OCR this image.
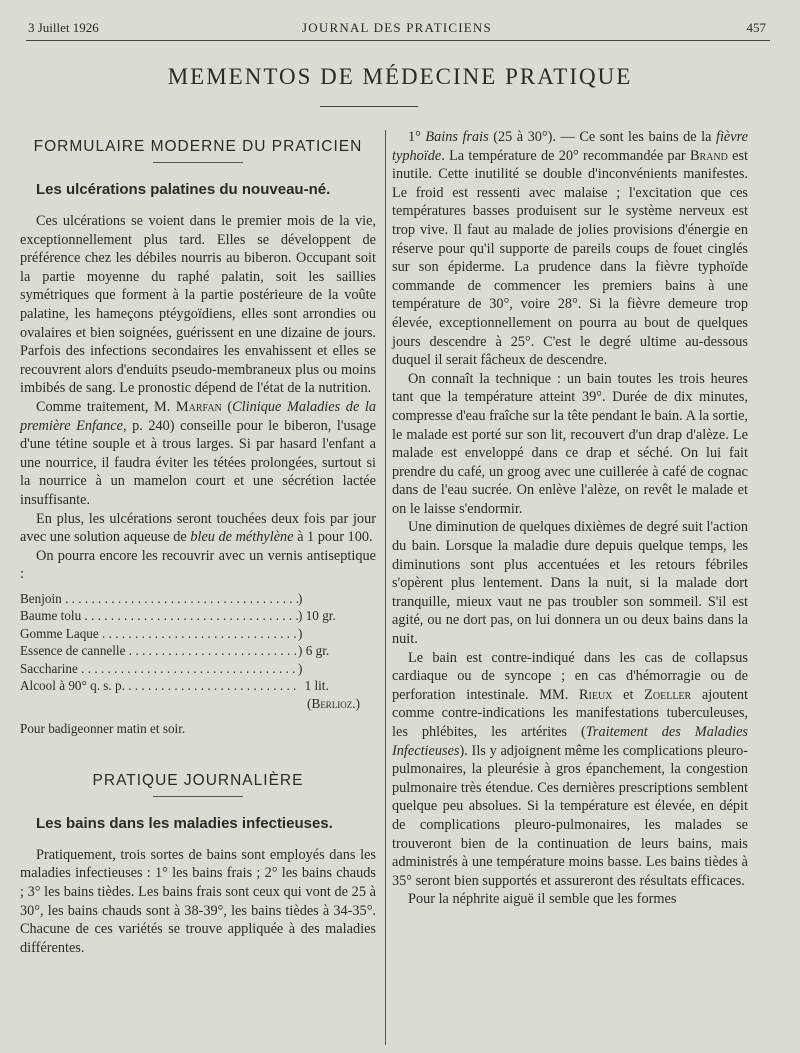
3 Juillet 1926	JOURNAL DES PRATICIENS	457
MEMENTOS DE MÉDECINE PRATIQUE
FORMULAIRE MODERNE DU PRATICIEN
Les ulcérations palatines du nouveau-né.

Ces ulcérations se voient dans le premier mois de la vie, exceptionnellement plus tard. Elles se développent de préférence chez les débiles nourris au biberon. Occupant soit la partie moyenne du raphé palatin, soit les saillies symétriques que forment à la partie postérieure de la voûte palatine, les hameçons ptéygoïdiens, elles sont arrondies ou ovalaires et bien soignées, guérissent en une dizaine de jours. Parfois des infections secondaires les envahissent et elles se recouvrent alors d'enduits pseudo-membraneux plus ou moins imbibés de sang. Le pronostic dépend de l'état de la nutrition.

Comme traitement, M. Marfan (Clinique Maladies de la première Enfance, p. 240) conseille pour le biberon, l'usage d'une tétine souple et à trous larges. Si par hasard l'enfant a une nourrice, il faudra éviter les tétées prolongées, surtout si la nourrice à un mamelon court et une sécrétion lactée insuffisante.

En plus, les ulcérations seront touchées deux fois par jour avec une solution aqueuse de bleu de méthylène à 1 pour 100.

On pourra encore les recouvrir avec un vernis antiseptique :

Benjoin . . .	)
Baume tolu . . .	) 10 gr.
Gomme Laque . . .	)
Essence de cannelle . . .	) 6 gr.
Saccharine . . .	)
Alcool à 90° q. s. p. . . .	1 lit.
(Berlioz.)
Pour badigeonner matin et soir.
PRATIQUE JOURNALIÈRE
Les bains dans les maladies infectieuses.

Pratiquement, trois sortes de bains sont employés dans les maladies infectieuses : 1° les bains frais ; 2° les bains chauds ; 3° les bains tièdes. Les bains frais sont ceux qui vont de 25 à 30°, les bains chauds sont à 38-39°, les bains tièdes à 34-35°. Chacune de ces variétés se trouve appliquée à des maladies différentes.

1° Bains frais (25 à 30°). — Ce sont les bains de la fièvre typhoïde. La température de 20° recommandée par Brand est inutile. Cette inutilité se double d'inconvénients manifestes. Le froid est ressenti avec malaise ; l'excitation que ces températures basses produisent sur le système nerveux est trop vive. Il faut au malade de jolies provisions d'énergie en réserve pour qu'il supporte de pareils coups de fouet cinglés sur son épiderme. La prudence dans la fièvre typhoïde commande de commencer les premiers bains à une température de 30°, voire 28°. Si la fièvre demeure trop élevée, exceptionnellement on pourra au bout de quelques jours descendre à 25°. C'est le degré ultime au-dessous duquel il serait fâcheux de descendre.

On connaît la technique : un bain toutes les trois heures tant que la température atteint 39°. Durée de dix minutes, compresse d'eau fraîche sur la tête pendant le bain. A la sortie, le malade est porté sur son lit, recouvert d'un drap d'alèze. Le malade est enveloppé dans ce drap et séché. On lui fait prendre du café, un groog avec une cuillerée à café de cognac dans de l'eau sucrée. On enlève l'alèze, on revêt le malade et on le laisse s'endormir.

Une diminution de quelques dixièmes de degré suit l'action du bain. Lorsque la maladie dure depuis quelque temps, les diminutions sont plus accentuées et les retours fébriles s'opèrent plus lentement. Dans la nuit, si la malade dort tranquille, mieux vaut ne pas troubler son sommeil. S'il est agité, ou ne dort pas, on lui donnera un ou deux bains dans la nuit.

Le bain est contre-indiqué dans les cas de collapsus cardiaque ou de syncope ; en cas d'hémorragie ou de perforation intestinale. MM. Rieux et Zoeller ajoutent comme contre-indications les manifestations tuberculeuses, les phlébites, les artérites (Traitement des Maladies Infectieuses). Ils y adjoignent même les complications pleuro-pulmonaires, la pleurésie à gros épanchement, la congestion pulmonaire très étendue. Ces dernières prescriptions semblent quelque peu absolues. Si la température est élevée, en dépit de complications pleuro-pulmonaires, les malades se trouveront bien de la continuation de leurs bains, mais administrés à une température moins basse. Les bains tièdes à 35° seront bien supportés et assureront des résultats efficaces.

Pour la néphrite aiguë il semble que les formes
